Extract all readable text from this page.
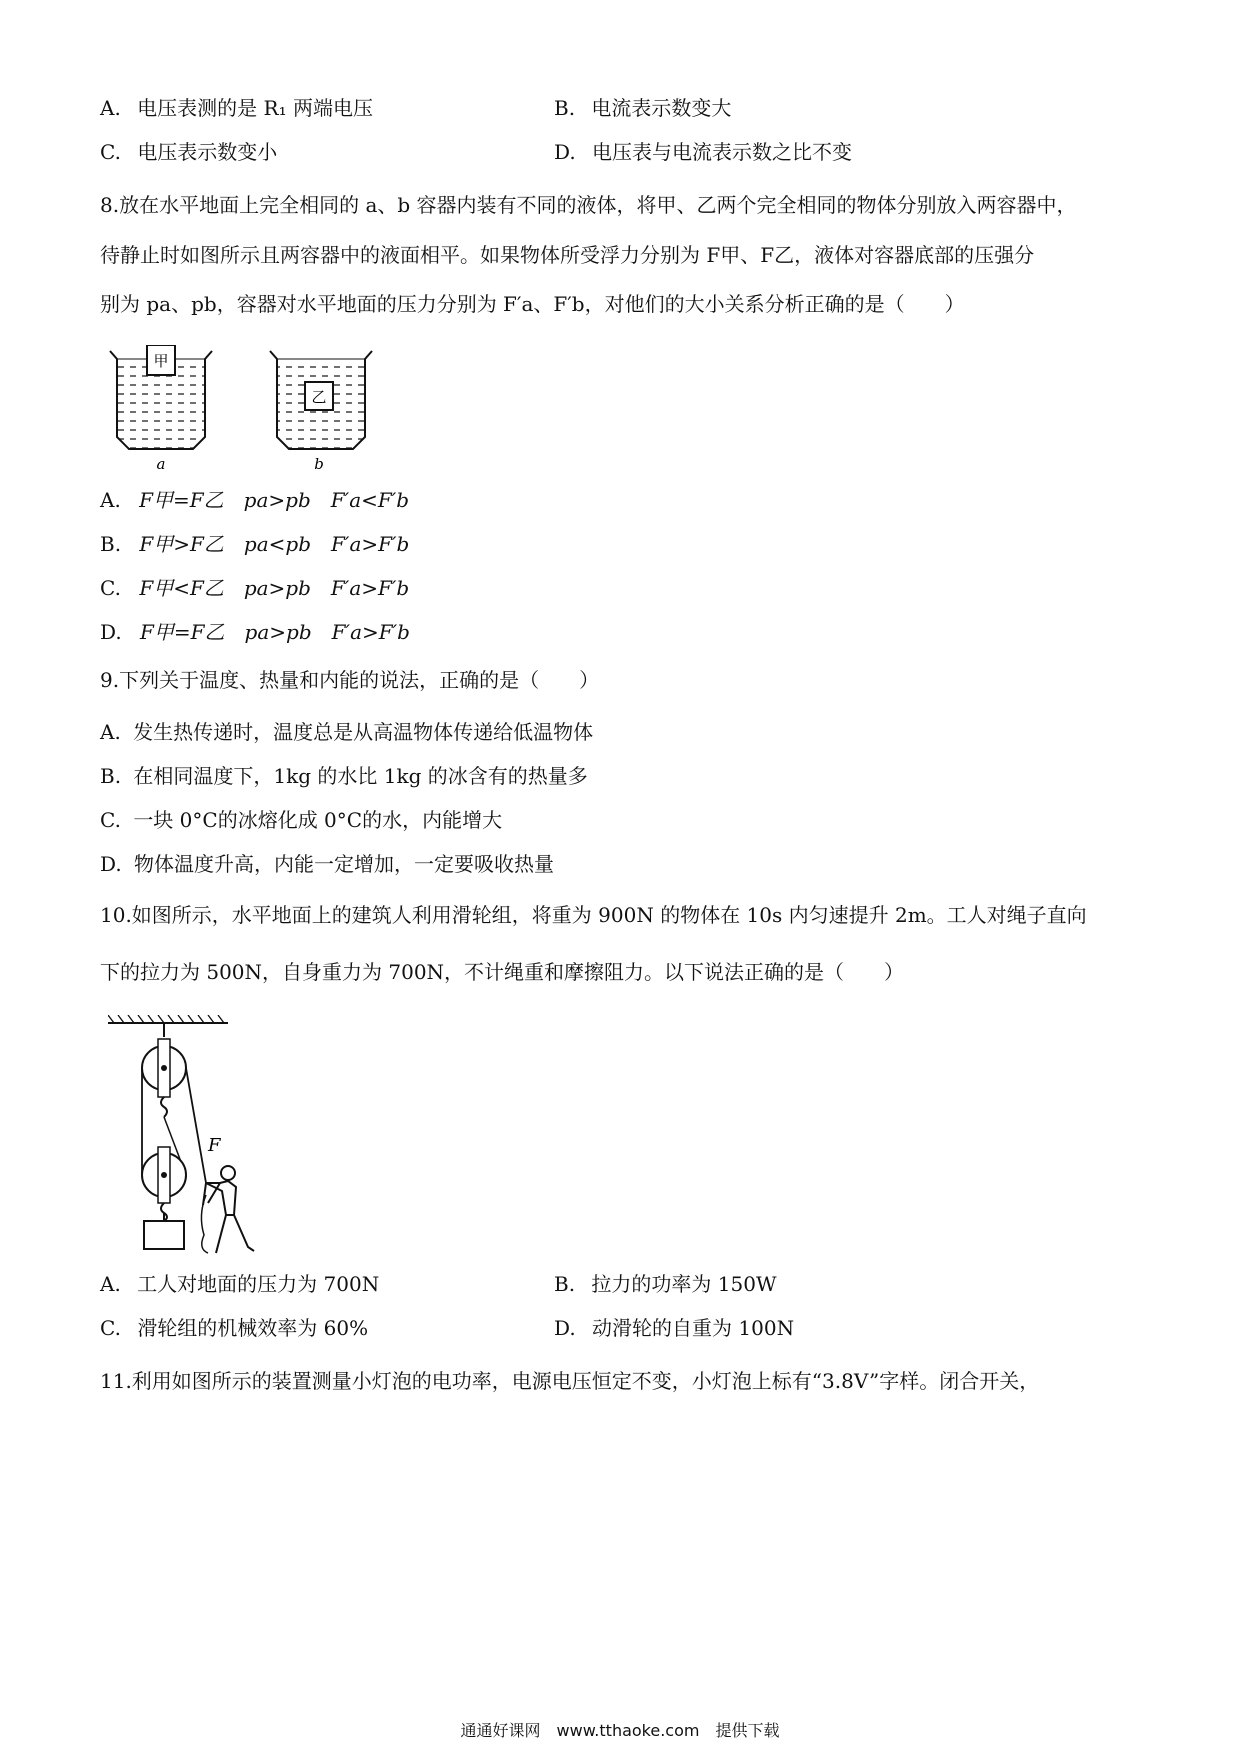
A. 电压表测的是 R₁ 两端电压	B. 电流表示数变大
C. 电压表示数变小	D. 电压表与电流表示数之比不变
8.放在水平地面上完全相同的 a、b 容器内装有不同的液体，将甲、乙两个完全相同的物体分别放入两容器中，
待静止时如图所示且两容器中的液面相平。如果物体所受浮力分别为 F甲、F乙，液体对容器底部的压强分
别为 pa、pb，容器对水平地面的压力分别为 F′a、F′b，对他们的大小关系分析正确的是（　　）
甲
a
乙
b
A. F甲=F乙　pa>pb　F′a<F′b
B. F甲>F乙　pa<pb　F′a>F′b
C. F甲<F乙　pa>pb　F′a>F′b
D. F甲=F乙　pa>pb　F′a>F′b
9.下列关于温度、热量和内能的说法，正确的是（　　）
A. 发生热传递时，温度总是从高温物体传递给低温物体
B. 在相同温度下，1kg 的水比 1kg 的冰含有的热量多
C. 一块 0°C的冰熔化成 0°C的水，内能增大
D. 物体温度升高，内能一定增加，一定要吸收热量
10.如图所示，水平地面上的建筑人利用滑轮组，将重为 900N 的物体在 10s 内匀速提升 2m。工人对绳子直向
下的拉力为 500N，自身重力为 700N，不计绳重和摩擦阻力。以下说法正确的是（　　）
F
A. 工人对地面的压力为 700N	B. 拉力的功率为 150W
C. 滑轮组的机械效率为 60%	D. 动滑轮的自重为 100N
11.利用如图所示的装置测量小灯泡的电功率，电源电压恒定不变，小灯泡上标有“3.8V”字样。闭合开关，
通通好课网　www.tthaoke.com　提供下载
